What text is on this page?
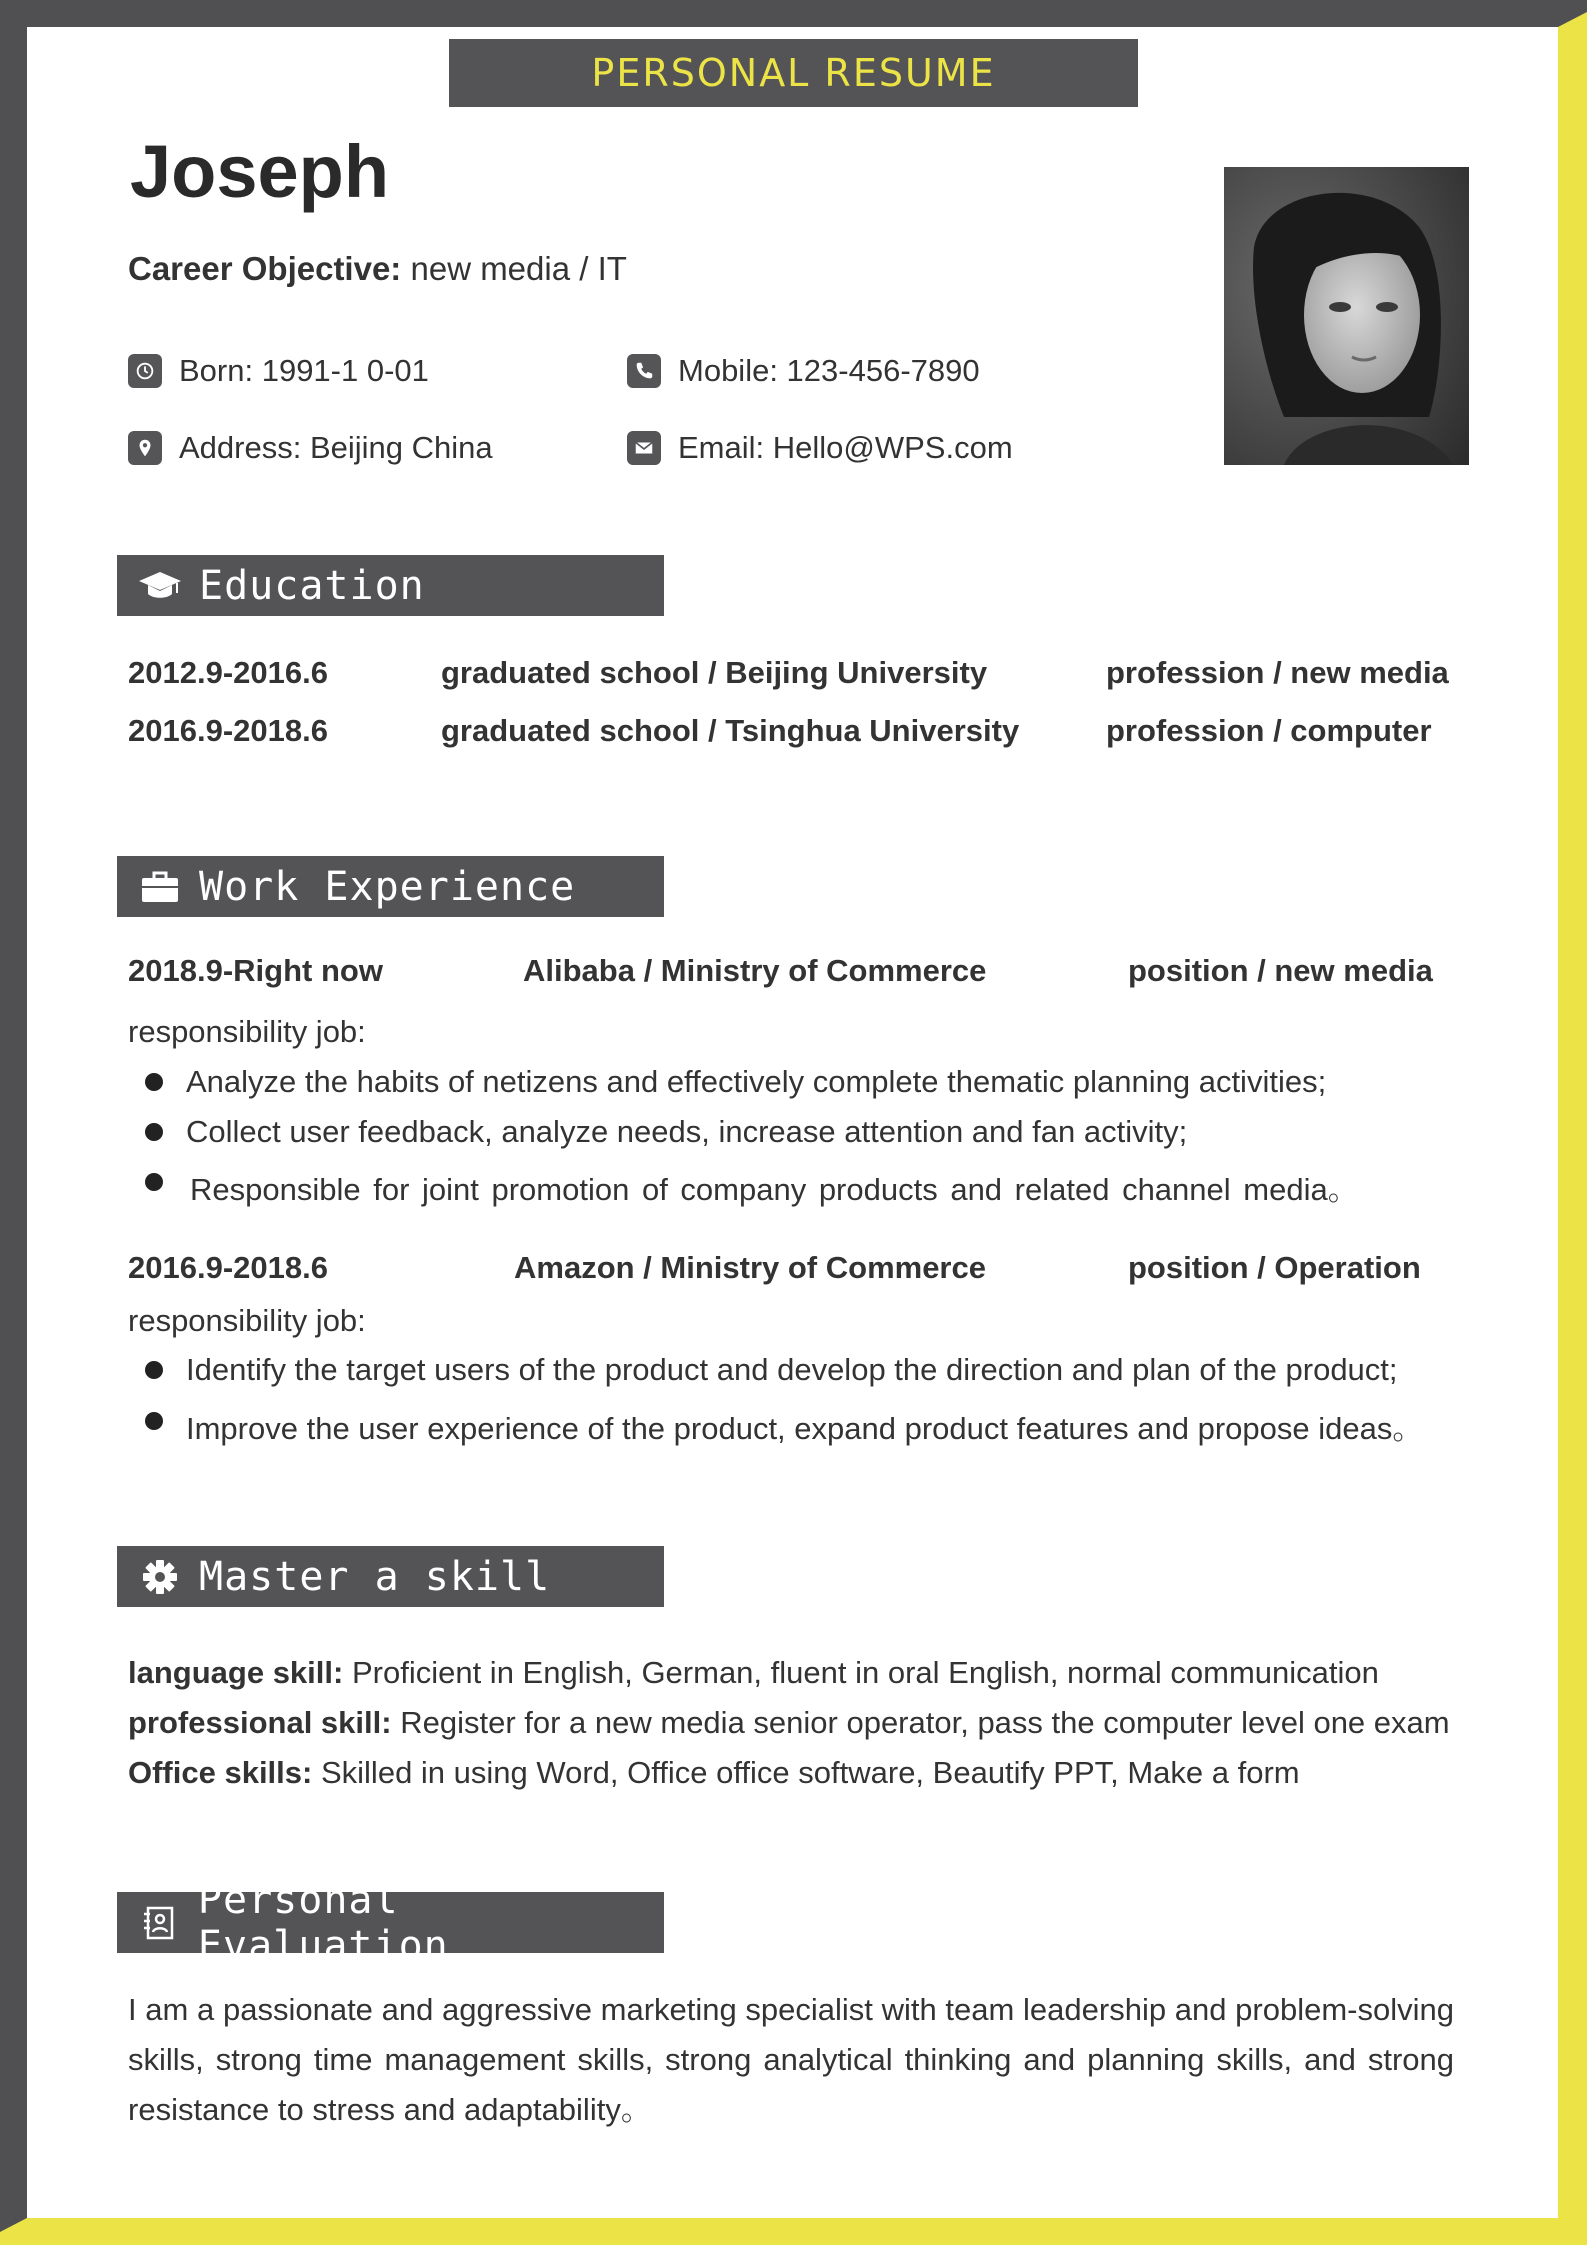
PERSONAL RESUME
Joseph
Career Objective: new media / IT
Born: 1991-1 0-01	Mobile: 123-456-7890
Address: Beijing China	Email: Hello@WPS.com
Education
2012.9-2016.6	graduated school / Beijing University	profession / new media
2016.9-2018.6	graduated school / Tsinghua University	profession / computer
Work Experience
2018.9-Right now	Alibaba / Ministry of Commerce	position / new media
responsibility job:
Analyze the habits of netizens and effectively complete thematic planning activities;
Collect user feedback, analyze needs, increase attention and fan activity;
Responsible for joint promotion of company products and related channel media。
2016.9-2018.6	Amazon / Ministry of Commerce	position / Operation
responsibility job:
Identify the target users of the product and develop the direction and plan of the product;
Improve the user experience of the product, expand product features and propose ideas。
Master a skill
language skill: Proficient in English, German, fluent in oral English, normal communication
professional skill: Register for a new media senior operator, pass the computer level one exam
Office skills: Skilled in using Word, Office office software, Beautify PPT, Make a form
Personal Evaluation
I am a passionate and aggressive marketing specialist with team leadership and problem-solving skills, strong time management skills, strong analytical thinking and planning skills, and strong resistance to stress and adaptability。
